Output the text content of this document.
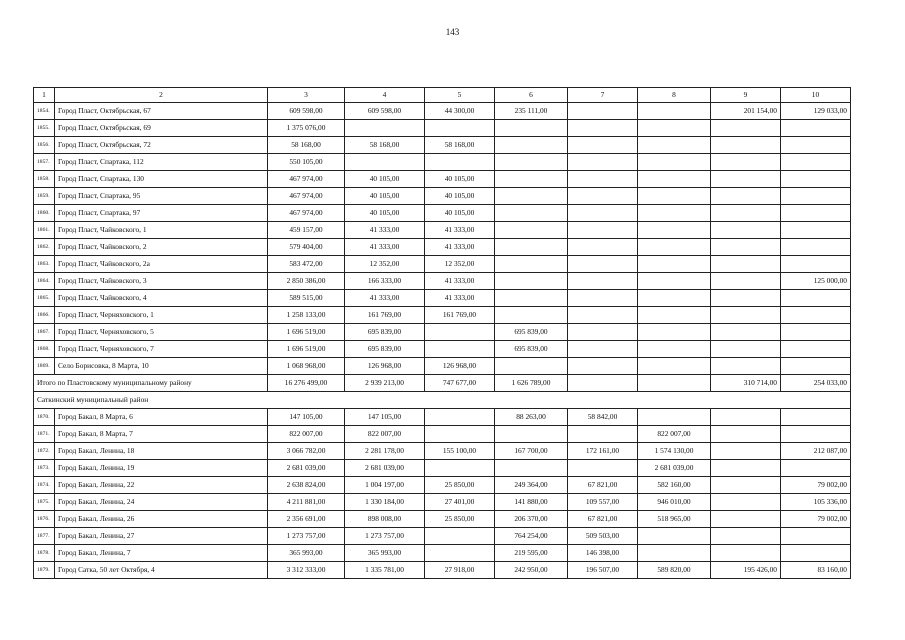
143
1	2	3	4	5	6	7	8	9	10
1854.	Город Пласт, Октябрьская, 67	609 598,00	609 598,00	44 300,00	235 111,00			201 154,00	129 033,00
1855.	Город Пласт, Октябрьская, 69	1 375 076,00							
1856.	Город Пласт, Октябрьская, 72	58 168,00	58 168,00	58 168,00					
1857.	Город Пласт, Спартака, 112	550 105,00							
1858.	Город Пласт, Спартака, 130	467 974,00	40 105,00	40 105,00					
1859.	Город Пласт, Спартака, 95	467 974,00	40 105,00	40 105,00					
1860.	Город Пласт, Спартака, 97	467 974,00	40 105,00	40 105,00					
1861.	Город Пласт, Чайковского, 1	459 157,00	41 333,00	41 333,00					
1862.	Город Пласт, Чайковского, 2	579 404,00	41 333,00	41 333,00					
1863.	Город Пласт, Чайковского, 2а	583 472,00	12 352,00	12 352,00					
1864.	Город Пласт, Чайковского, 3	2 850 386,00	166 333,00	41 333,00					125 000,00
1865.	Город Пласт, Чайковского, 4	589 515,00	41 333,00	41 333,00					
1866.	Город Пласт, Черняховского, 1	1 258 133,00	161 769,00	161 769,00					
1867.	Город Пласт, Черняховского, 5	1 696 519,00	695 839,00		695 839,00				
1868.	Город Пласт, Черняховского, 7	1 696 519,00	695 839,00		695 839,00				
1869.	Село Борисовка, 8 Марта, 10	1 068 968,00	126 968,00	126 968,00					
Итого по Пластовскому муниципальному району		16 276 499,00	2 939 213,00	747 677,00	1 626 789,00			310 714,00	254 033,00
Саткинский муниципальный район									
1870.	Город Бакал, 8 Марта, 6	147 105,00	147 105,00		88 263,00	58 842,00			
1871.	Город Бакал, 8 Марта, 7	822 007,00	822 007,00				822 007,00		
1872.	Город Бакал, Ленина, 18	3 066 782,00	2 281 178,00	155 100,00	167 700,00	172 161,00	1 574 130,00		212 087,00
1873.	Город Бакал, Ленина, 19	2 681 039,00	2 681 039,00				2 681 039,00		
1874.	Город Бакал, Ленина, 22	2 638 824,00	1 004 197,00	25 850,00	249 364,00	67 821,00	582 160,00		79 002,00
1875.	Город Бакал, Ленина, 24	4 211 881,00	1 330 184,00	27 401,00	141 880,00	109 557,00	946 010,00		105 336,00
1876.	Город Бакал, Ленина, 26	2 356 691,00	898 008,00	25 850,00	206 370,00	67 821,00	518 965,00		79 002,00
1877.	Город Бакал, Ленина, 27	1 273 757,00	1 273 757,00		764 254,00	509 503,00			
1878.	Город Бакал, Ленина, 7	365 993,00	365 993,00		219 595,00	146 398,00			
1879.	Город Сатка, 50 лет Октября, 4	3 312 333,00	1 335 781,00	27 918,00	242 950,00	196 507,00	589 820,00	195 426,00	83 160,00
